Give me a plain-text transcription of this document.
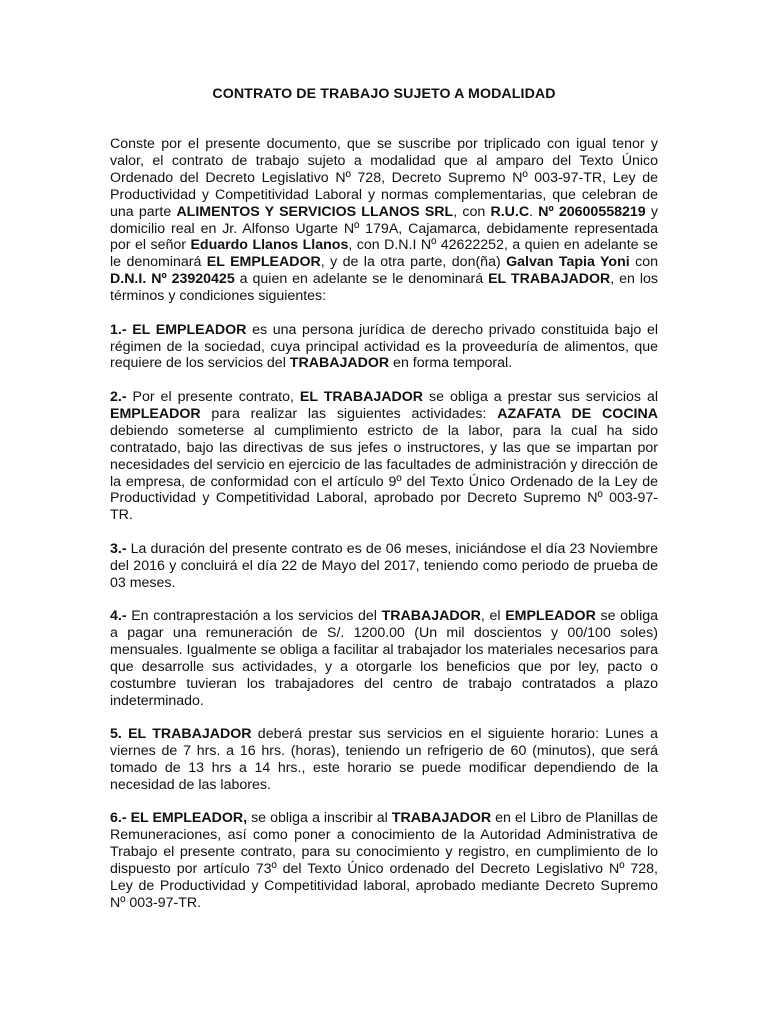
CONTRATO DE TRABAJO SUJETO A MODALIDAD

Conste por el presente documento, que se suscribe por triplicado con igual tenor y valor, el contrato de trabajo sujeto a modalidad que al amparo del Texto Único Ordenado del Decreto Legislativo Nº 728, Decreto Supremo Nº 003-97-TR, Ley de Productividad y Competitividad Laboral y normas complementarias, que celebran de una parte ALIMENTOS Y SERVICIOS LLANOS SRL, con R.U.C. Nº 20600558219 y domicilio real en Jr. Alfonso Ugarte Nº 179A, Cajamarca, debidamente representada por el señor Eduardo Llanos Llanos, con D.N.I Nº 42622252, a quien en adelante se le denominará EL EMPLEADOR, y de la otra parte, don(ña) Galvan Tapia Yoni con D.N.I. Nº 23920425 a quien en adelante se le denominará EL TRABAJADOR, en los términos y condiciones siguientes:

1.- EL EMPLEADOR es una persona jurídica de derecho privado constituida bajo el régimen de la sociedad, cuya principal actividad es la proveeduría de alimentos, que requiere de los servicios del TRABAJADOR en forma temporal.

2.- Por el presente contrato, EL TRABAJADOR se obliga a prestar sus servicios al EMPLEADOR para realizar las siguientes actividades: AZAFATA DE COCINA debiendo someterse al cumplimiento estricto de la labor, para la cual ha sido contratado, bajo las directivas de sus jefes o instructores, y las que se impartan por necesidades del servicio en ejercicio de las facultades de administración y dirección de la empresa, de conformidad con el artículo 9º del Texto Único Ordenado de la Ley de Productividad y Competitividad Laboral, aprobado por Decreto Supremo Nº 003-97-TR.

3.- La duración del presente contrato es de 06 meses, iniciándose el día 23 Noviembre del 2016 y concluirá el día 22 de Mayo del 2017, teniendo como periodo de prueba de 03 meses.

4.- En contraprestación a los servicios del TRABAJADOR, el EMPLEADOR se obliga a pagar una remuneración de S/. 1200.00 (Un mil doscientos y 00/100 soles) mensuales. Igualmente se obliga a facilitar al trabajador los materiales necesarios para que desarrolle sus actividades, y a otorgarle los beneficios que por ley, pacto o costumbre tuvieran los trabajadores del centro de trabajo contratados a plazo indeterminado.

5. EL TRABAJADOR deberá prestar sus servicios en el siguiente horario: Lunes a viernes de 7 hrs. a 16 hrs. (horas), teniendo un refrigerio de 60 (minutos), que será tomado de 13 hrs a 14 hrs., este horario se puede modificar dependiendo de la necesidad de las labores.

6.- EL EMPLEADOR, se obliga a inscribir al TRABAJADOR en el Libro de Planillas de Remuneraciones, así como poner a conocimiento de la Autoridad Administrativa de Trabajo el presente contrato, para su conocimiento y registro, en cumplimiento de lo dispuesto por artículo 73º del Texto Único ordenado del Decreto Legislativo Nº 728, Ley de Productividad y Competitividad laboral, aprobado mediante Decreto Supremo Nº 003-97-TR.
